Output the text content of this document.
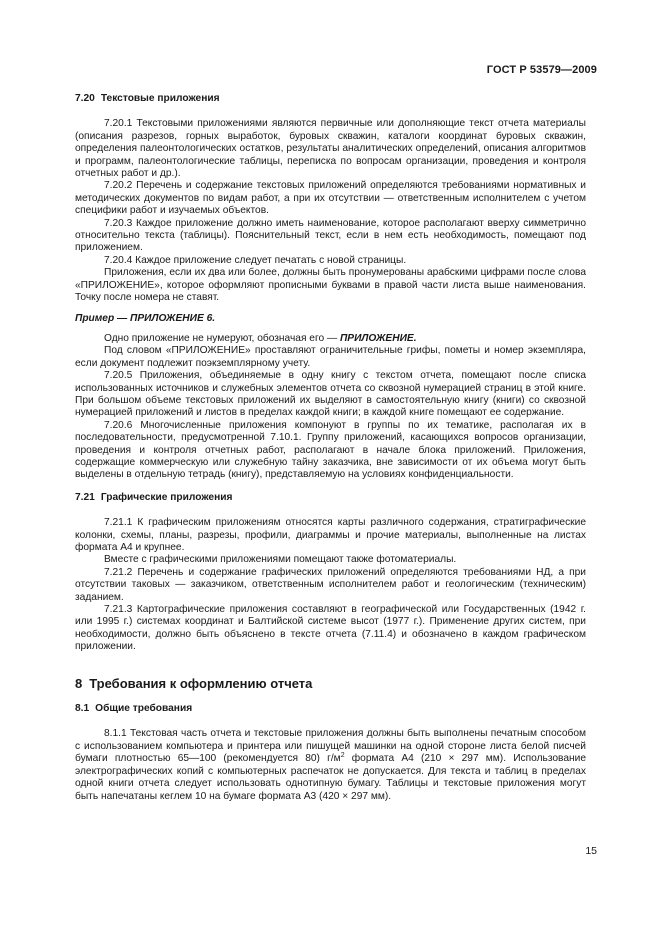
ГОСТ Р 53579—2009
7.20 Текстовые приложения

7.20.1 Текстовыми приложениями являются первичные или дополняющие текст отчета материалы (описания разрезов, горных выработок, буровых скважин, каталоги координат буровых скважин, определения палеонтологических остатков, результаты аналитических определений, описания алгоритмов и программ, палеонтологические таблицы, переписка по вопросам организации, проведения и контроля отчетных работ и др.).

7.20.2 Перечень и содержание текстовых приложений определяются требованиями нормативных и методических документов по видам работ, а при их отсутствии — ответственным исполнителем с учетом специфики работ и изучаемых объектов.

7.20.3 Каждое приложение должно иметь наименование, которое располагают вверху симметрично относительно текста (таблицы). Пояснительный текст, если в нем есть необходимость, помещают под приложением.

7.20.4 Каждое приложение следует печатать с новой страницы.

Приложения, если их два или более, должны быть пронумерованы арабскими цифрами после слова «ПРИЛОЖЕНИЕ», которое оформляют прописными буквами в правой части листа выше наименования. Точку после номера не ставят.

Пример — ПРИЛОЖЕНИЕ 6.

Одно приложение не нумеруют, обозначая его — ПРИЛОЖЕНИЕ.

Под словом «ПРИЛОЖЕНИЕ» проставляют ограничительные грифы, пометы и номер экземпляра, если документ подлежит поэкземплярному учету.

7.20.5 Приложения, объединяемые в одну книгу с текстом отчета, помещают после списка использованных источников и служебных элементов отчета со сквозной нумерацией страниц в этой книге. При большом объеме текстовых приложений их выделяют в самостоятельную книгу (книги) со сквозной нумерацией приложений и листов в пределах каждой книги; в каждой книге помещают ее содержание.

7.20.6 Многочисленные приложения компонуют в группы по их тематике, располагая их в последовательности, предусмотренной 7.10.1. Группу приложений, касающихся вопросов организации, проведения и контроля отчетных работ, располагают в начале блока приложений. Приложения, содержащие коммерческую или служебную тайну заказчика, вне зависимости от их объема могут быть выделены в отдельную тетрадь (книгу), представляемую на условиях конфиденциальности.

7.21 Графические приложения

7.21.1 К графическим приложениям относятся карты различного содержания, стратиграфические колонки, схемы, планы, разрезы, профили, диаграммы и прочие материалы, выполненные на листах формата А4 и крупнее.

Вместе с графическими приложениями помещают также фотоматериалы.

7.21.2 Перечень и содержание графических приложений определяются требованиями НД, а при отсутствии таковых — заказчиком, ответственным исполнителем работ и геологическим (техническим) заданием.

7.21.3 Картографические приложения составляют в географической или Государственных (1942 г. или 1995 г.) системах координат и Балтийской системе высот (1977 г.). Применение других систем, при необходимости, должно быть объяснено в тексте отчета (7.11.4) и обозначено в каждом графическом приложении.

8 Требования к оформлению отчета
8.1 Общие требования

8.1.1 Текстовая часть отчета и текстовые приложения должны быть выполнены печатным способом с использованием компьютера и принтера или пишущей машинки на одной стороне листа белой писчей бумаги плотностью 65—100 (рекомендуется 80) $г/м^2$ формата А4 (210 × 297 мм). Использование электрографических копий с компьютерных распечаток не допускается. Для текста и таблиц в пределах одной книги отчета следует использовать однотипную бумагу. Таблицы и текстовые приложения могут быть напечатаны кеглем 10 на бумаге формата А3 (420 × 297 мм).

15
